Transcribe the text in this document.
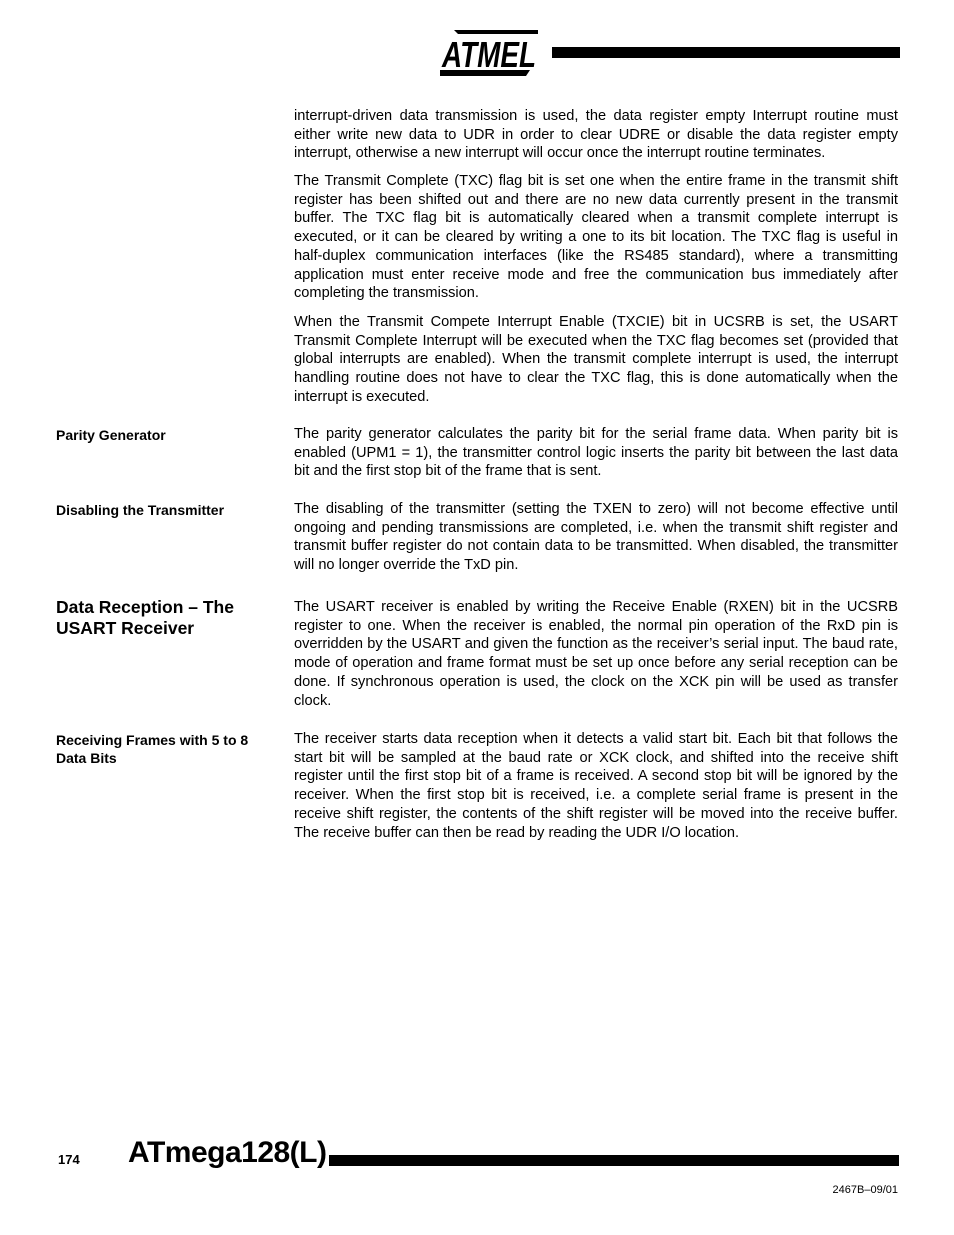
ATMEL

interrupt-driven data transmission is used, the data register empty Interrupt routine must either write new data to UDR in order to clear UDRE or disable the data register empty interrupt, otherwise a new interrupt will occur once the interrupt routine terminates.

The Transmit Complete (TXC) flag bit is set one when the entire frame in the transmit shift register has been shifted out and there are no new data currently present in the transmit buffer. The TXC flag bit is automatically cleared when a transmit complete interrupt is executed, or it can be cleared by writing a one to its bit location. The TXC flag is useful in half-duplex communication interfaces (like the RS485 standard), where a transmitting application must enter receive mode and free the communication bus immediately after completing the transmission.

When the Transmit Compete Interrupt Enable (TXCIE) bit in UCSRB is set, the USART Transmit Complete Interrupt will be executed when the TXC flag becomes set (provided that global interrupts are enabled). When the transmit complete interrupt is used, the interrupt handling routine does not have to clear the TXC flag, this is done automatically when the interrupt is executed.

Parity Generator	The parity generator calculates the parity bit for the serial frame data. When parity bit is enabled (UPM1 = 1), the transmitter control logic inserts the parity bit between the last data bit and the first stop bit of the frame that is sent.

Disabling the Transmitter	The disabling of the transmitter (setting the TXEN to zero) will not become effective until ongoing and pending transmissions are completed, i.e. when the transmit shift register and transmit buffer register do not contain data to be transmitted. When disabled, the transmitter will no longer override the TxD pin.

Data Reception – The USART Receiver

The USART receiver is enabled by writing the Receive Enable (RXEN) bit in the UCSRB register to one. When the receiver is enabled, the normal pin operation of the RxD pin is overridden by the USART and given the function as the receiver’s serial input. The baud rate, mode of operation and frame format must be set up once before any serial reception can be done. If synchronous operation is used, the clock on the XCK pin will be used as transfer clock.

Receiving Frames with 5 to 8 Data Bits

The receiver starts data reception when it detects a valid start bit. Each bit that follows the start bit will be sampled at the baud rate or XCK clock, and shifted into the receive shift register until the first stop bit of a frame is received. A second stop bit will be ignored by the receiver. When the first stop bit is received, i.e. a complete serial frame is present in the receive shift register, the contents of the shift register will be moved into the receive buffer. The receive buffer can then be read by reading the UDR I/O location.

174 ATmega128(L)
2467B–09/01
